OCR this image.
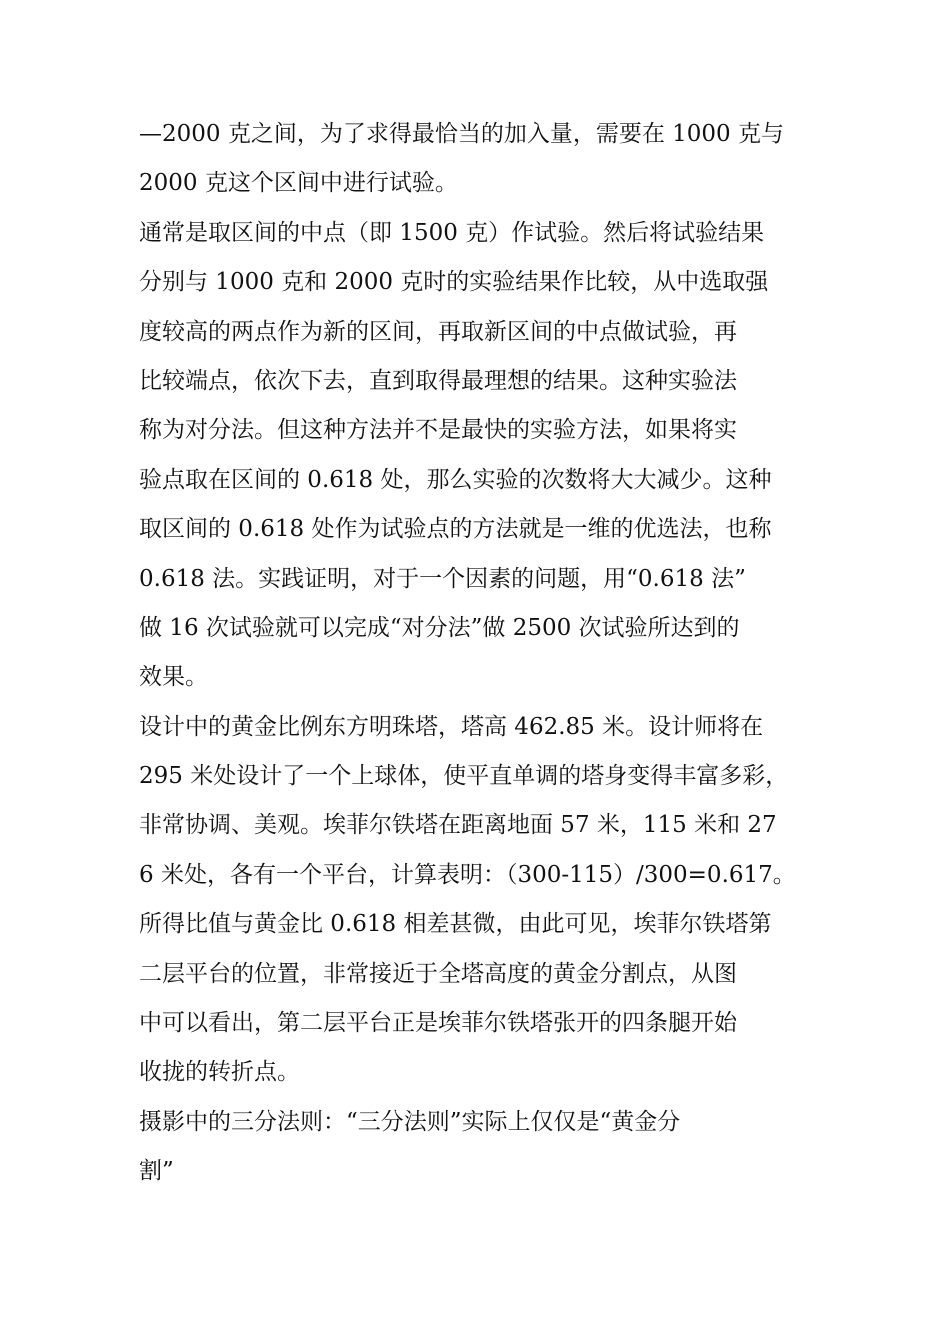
—2000 克之间，为了求得最恰当的加入量，需要在 1000 克与
2000 克这个区间中进行试验。
通常是取区间的中点（即 1500 克）作试验。然后将试验结果
分别与 1000 克和 2000 克时的实验结果作比较，从中选取强
度较高的两点作为新的区间，再取新区间的中点做试验，再
比较端点，依次下去，直到取得最理想的结果。这种实验法
称为对分法。但这种方法并不是最快的实验方法，如果将实
验点取在区间的 0.618 处，那么实验的次数将大大减少。这种
取区间的 0.618 处作为试验点的方法就是一维的优选法，也称
0.618 法。实践证明，对于一个因素的问题，用“0.618 法”
做 16 次试验就可以完成“对分法”做 2500 次试验所达到的
效果。
设计中的黄金比例东方明珠塔，塔高 462.85 米。设计师将在
295 米处设计了一个上球体，使平直单调的塔身变得丰富多彩，
非常协调、美观。埃菲尔铁塔在距离地面 57 米，115 米和 27
6 米处，各有一个平台，计算表明：（300-115）/300=0.617。
所得比值与黄金比 0.618 相差甚微，由此可见，埃菲尔铁塔第
二层平台的位置，非常接近于全塔高度的黄金分割点，从图
中可以看出，第二层平台正是埃菲尔铁塔张开的四条腿开始
收拢的转折点。
摄影中的三分法则：“三分法则”实际上仅仅是“黄金分
割”
